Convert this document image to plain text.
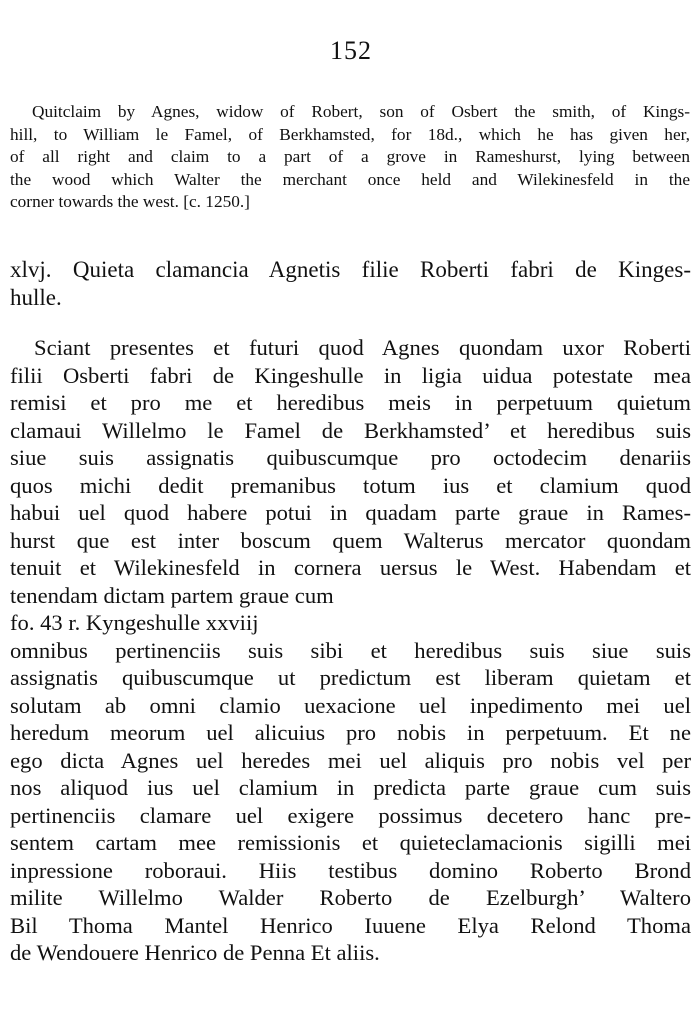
152
Quitclaim by Agnes, widow of Robert, son of Osbert the smith, of Kings-
hill, to William le Famel, of Berkhamsted, for 18d., which he has given her,
of all right and claim to a part of a grove in Rameshurst, lying between
the wood which Walter the merchant once held and Wilekinesfeld in the
corner towards the west. [c. 1250.]
xlvj. Quieta clamancia Agnetis filie Roberti fabri de Kinges-
hulle.
Sciant presentes et futuri quod Agnes quondam uxor Roberti
filii Osberti fabri de Kingeshulle in ligia uidua potestate mea
remisi et pro me et heredibus meis in perpetuum quietum
clamaui Willelmo le Famel de Berkhamsted’ et heredibus suis
siue suis assignatis quibuscumque pro octodecim denariis
quos michi dedit premanibus totum ius et clamium quod
habui uel quod habere potui in quadam parte graue in Rames-
hurst que est inter boscum quem Walterus mercator quondam
tenuit et Wilekinesfeld in cornera uersus le West. Habendam et
tenendam dictam partem graue cum
fo. 43 r. Kyngeshulle xxviij
omnibus pertinenciis suis sibi et heredibus suis siue suis
assignatis quibuscumque ut predictum est liberam quietam et
solutam ab omni clamio uexacione uel inpedimento mei uel
heredum meorum uel alicuius pro nobis in perpetuum. Et ne
ego dicta Agnes uel heredes mei uel aliquis pro nobis vel per
nos aliquod ius uel clamium in predicta parte graue cum suis
pertinenciis clamare uel exigere possimus decetero hanc pre-
sentem cartam mee remissionis et quieteclamacionis sigilli mei
inpressione roboraui. Hiis testibus domino Roberto Brond
milite Willelmo Walder Roberto de Ezelburgh’ Waltero
Bil Thoma Mantel Henrico Iuuene Elya Relond Thoma
de Wendouere Henrico de Penna Et aliis.
